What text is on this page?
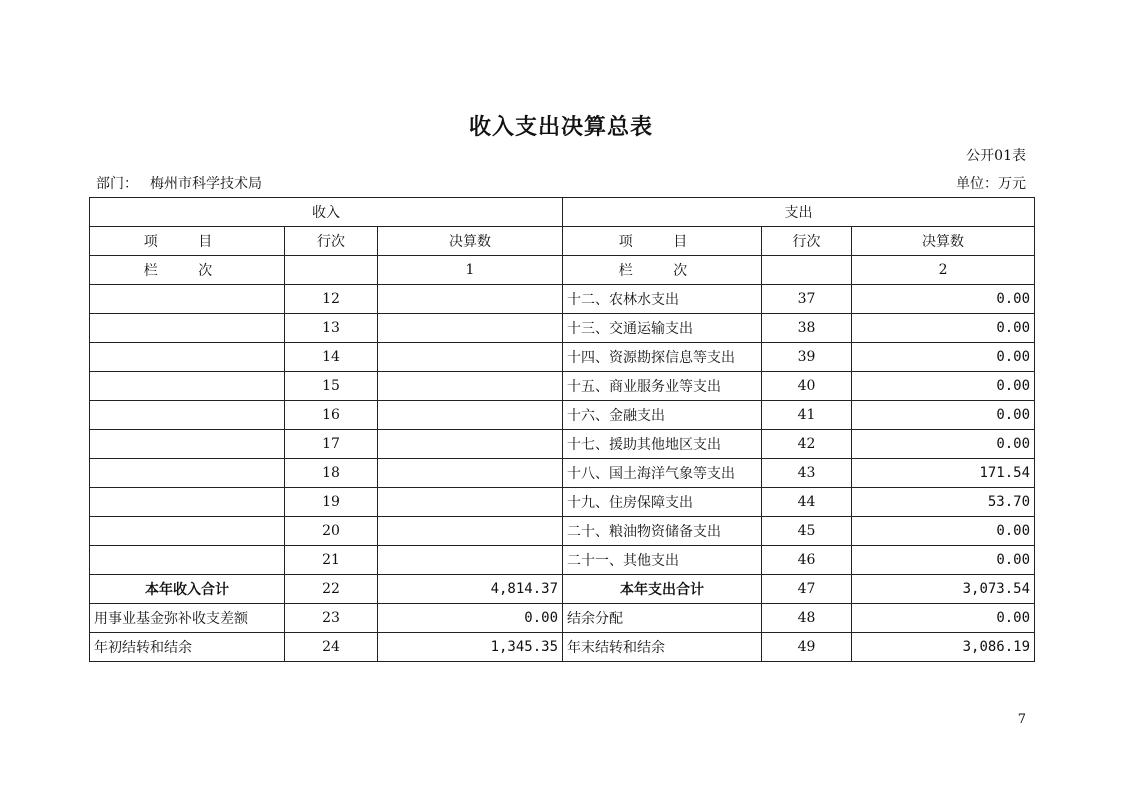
收入支出决算总表
公开01表
部门： 梅州市科学技术局	单位：万元
收入			支出		
项 目	行次	决算数	项 目	行次	决算数
栏 次		1	栏 次		2
	12		十二、农林水支出	37	0.00
	13		十三、交通运输支出	38	0.00
	14		十四、资源勘探信息等支出	39	0.00
	15		十五、商业服务业等支出	40	0.00
	16		十六、金融支出	41	0.00
	17		十七、援助其他地区支出	42	0.00
	18		十八、国土海洋气象等支出	43	171.54
	19		十九、住房保障支出	44	53.70
	20		二十、粮油物资储备支出	45	0.00
	21		二十一、其他支出	46	0.00
本年收入合计	22	4,814.37	本年支出合计	47	3,073.54
用事业基金弥补收支差额	23	0.00	结余分配	48	0.00
年初结转和结余	24	1,345.35	年末结转和结余	49	3,086.19
7
